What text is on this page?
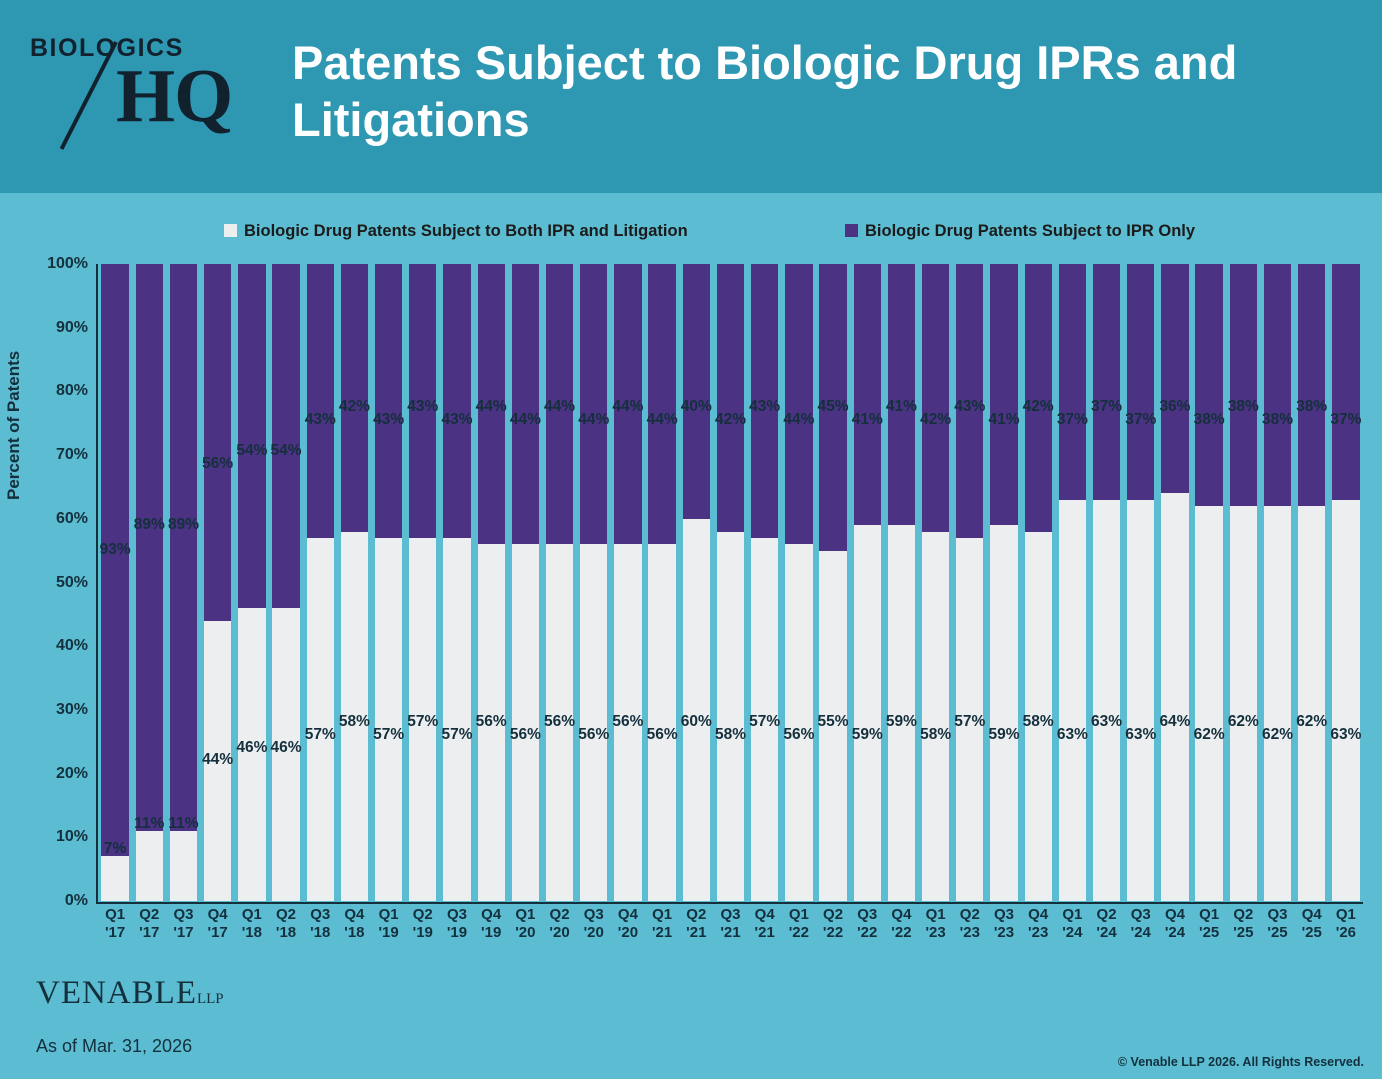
BIOLOGICS
HQ Patents Subject to Biologic Drug IPRs and Litigations
Biologic Drug Patents Subject to Both IPR and Litigation	Biologic Drug Patents Subject to IPR Only
Percent of Patents
0%
10%
20%
30%
40%
50%
60%
70%
80%
90%
100%
7%
93%
11%
89%
11%
89%
44%
56%
46%
54%
46%
54%
57%
43%
58%
42%
57%
43%
57%
43%
57%
43%
56%
44%
56%
44%
56%
44%
56%
44%
56%
44%
56%
44%
60%
40%
58%
42%
57%
43%
56%
44%
55%
45%
59%
41%
59%
41%
58%
42%
57%
43%
59%
41%
58%
42%
63%
37%
63%
37%
63%
37%
64%
36%
62%
38%
62%
38%
62%
38%
62%
38%
63%
37%
Q1
'17
Q2
'17
Q3
'17
Q4
'17
Q1
'18
Q2
'18
Q3
'18
Q4
'18
Q1
'19
Q2
'19
Q3
'19
Q4
'19
Q1
'20
Q2
'20
Q3
'20
Q4
'20
Q1
'21
Q2
'21
Q3
'21
Q4
'21
Q1
'22
Q2
'22
Q3
'22
Q4
'22
Q1
'23
Q2
'23
Q3
'23
Q4
'23
Q1
'24
Q2
'24
Q3
'24
Q4
'24
Q1
'25
Q2
'25
Q3
'25
Q4
'25
Q1
'26
VENABLELLP
As of Mar. 31, 2026
© Venable LLP 2026. All Rights Reserved.
